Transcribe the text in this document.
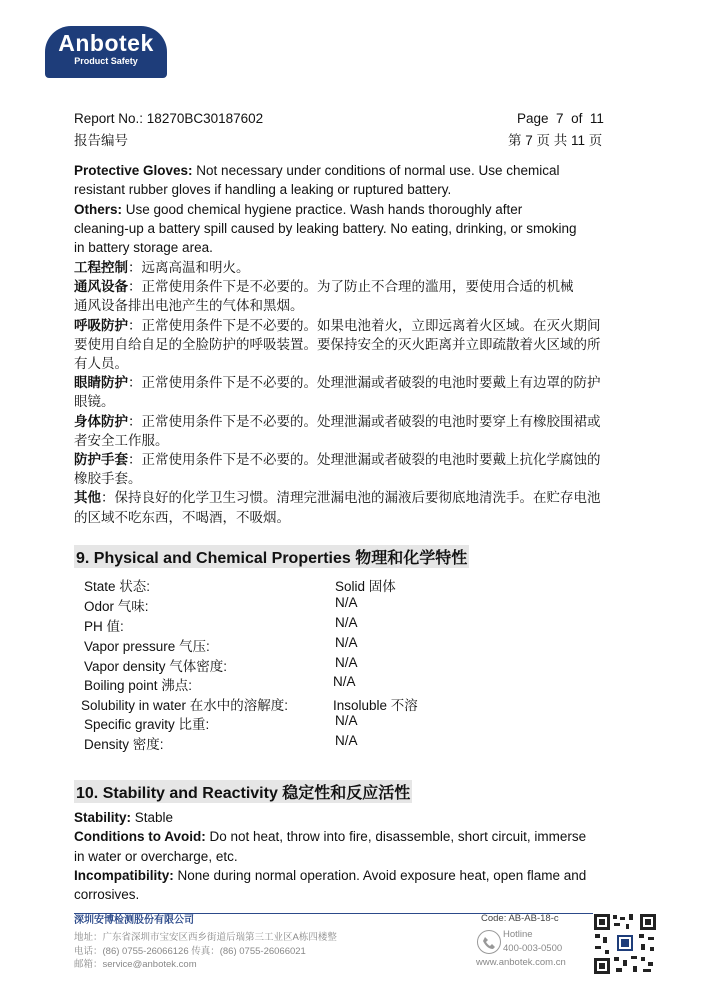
Anbotek
Product Safety
Report No.: 18270BC30187602
报告编号
Page 7 of 11
第 7 页 共 11 页

Protective Gloves: Not necessary under conditions of normal use. Use chemical

resistant rubber gloves if handling a leaking or ruptured battery.

Others: Use good chemical hygiene practice. Wash hands thoroughly after

cleaning-up a battery spill caused by leaking battery. No eating, drinking, or smoking

in battery storage area.

工程控制：远离高温和明火。

通风设备：正常使用条件下是不必要的。为了防止不合理的滥用，要使用合适的机械

通风设备排出电池产生的气体和黑烟。

呼吸防护：正常使用条件下是不必要的。如果电池着火，立即远离着火区域。在灭火期间

要使用自给自足的全脸防护的呼吸装置。要保持安全的灭火距离并立即疏散着火区域的所

有人员。

眼睛防护：正常使用条件下是不必要的。处理泄漏或者破裂的电池时要戴上有边罩的防护

眼镜。

身体防护：正常使用条件下是不必要的。处理泄漏或者破裂的电池时要穿上有橡胶围裙或

者安全工作服。

防护手套：正常使用条件下是不必要的。处理泄漏或者破裂的电池时要戴上抗化学腐蚀的

橡胶手套。

其他：保持良好的化学卫生习惯。清理完泄漏电池的漏液后要彻底地清洗手。在贮存电池

的区域不吃东西，不喝酒，不吸烟。

9. Physical and Chemical Properties 物理和化学特性
State 状态:	Solid 固体
Odor 气味:	N/A
PH 值:	N/A
Vapor pressure 气压:	N/A
Vapor density 气体密度:	N/A
Boiling point 沸点:	N/A
Solubility in water 在水中的溶解度:	Insoluble 不溶
Specific gravity 比重:	N/A
Density 密度:	N/A
10. Stability and Reactivity 稳定性和反应活性

Stability: Stable

Conditions to Avoid: Do not heat, throw into fire, disassemble, short circuit, immerse

in water or overcharge, etc.

Incompatibility: None during normal operation. Avoid exposure heat, open flame and

corrosives.

深圳安博检测股份有限公司	Code: AB-AB-18-c
地址：广东省深圳市宝安区西乡街道后瑞第三工业区A栋四楼整
电话：(86) 0755-26066126 传真：(86) 0755-26066021
邮箱：service@anbotek.com
Hotline
400-003-0500
www.anbotek.com.cn
